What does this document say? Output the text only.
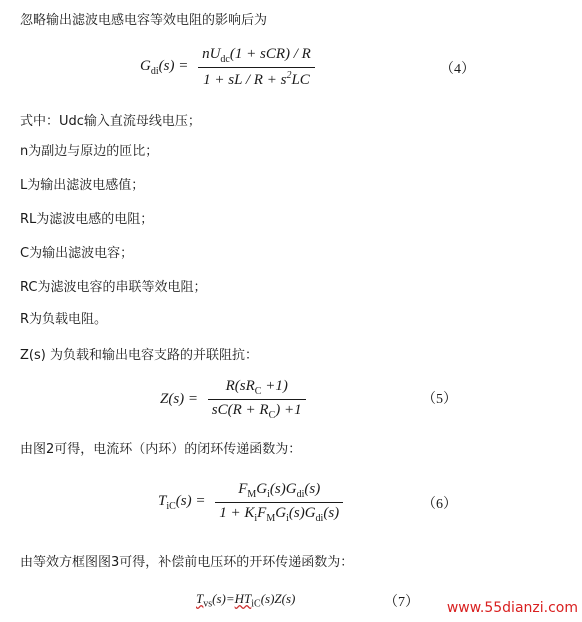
忽略输出滤波电感电容等效电阻的影响后为
$G_{di}(s) = \frac{nU_{dc}(1 + sCR) / R}{1 + sL / R + s^2LC}$	（4）
式中：Udc输入直流母线电压；
n为副边与原边的匝比；
L为输出滤波电感值；
RL为滤波电感的电阻；
C为输出滤波电容；
RC为滤波电容的串联等效电阻；
R为负载电阻。
Z(s) 为负载和输出电容支路的并联阻抗：
$Z(s) = \frac{R(sR_C +1)}{sC(R + R_C) +1}$	（5）
由图2可得，电流环（内环）的闭环传递函数为：
$T_{iC}(s) = \frac{F_MG_i(s)G_{di}(s)}{1 + K_iF_MG_i(s)G_{di}(s)}$	（6）
由等效方框图图3可得，补偿前电压环的开环传递函数为：
$T_{vs}(s)=HT_{iC}(s)Z(s)$	（7） www.55dianzi.com
